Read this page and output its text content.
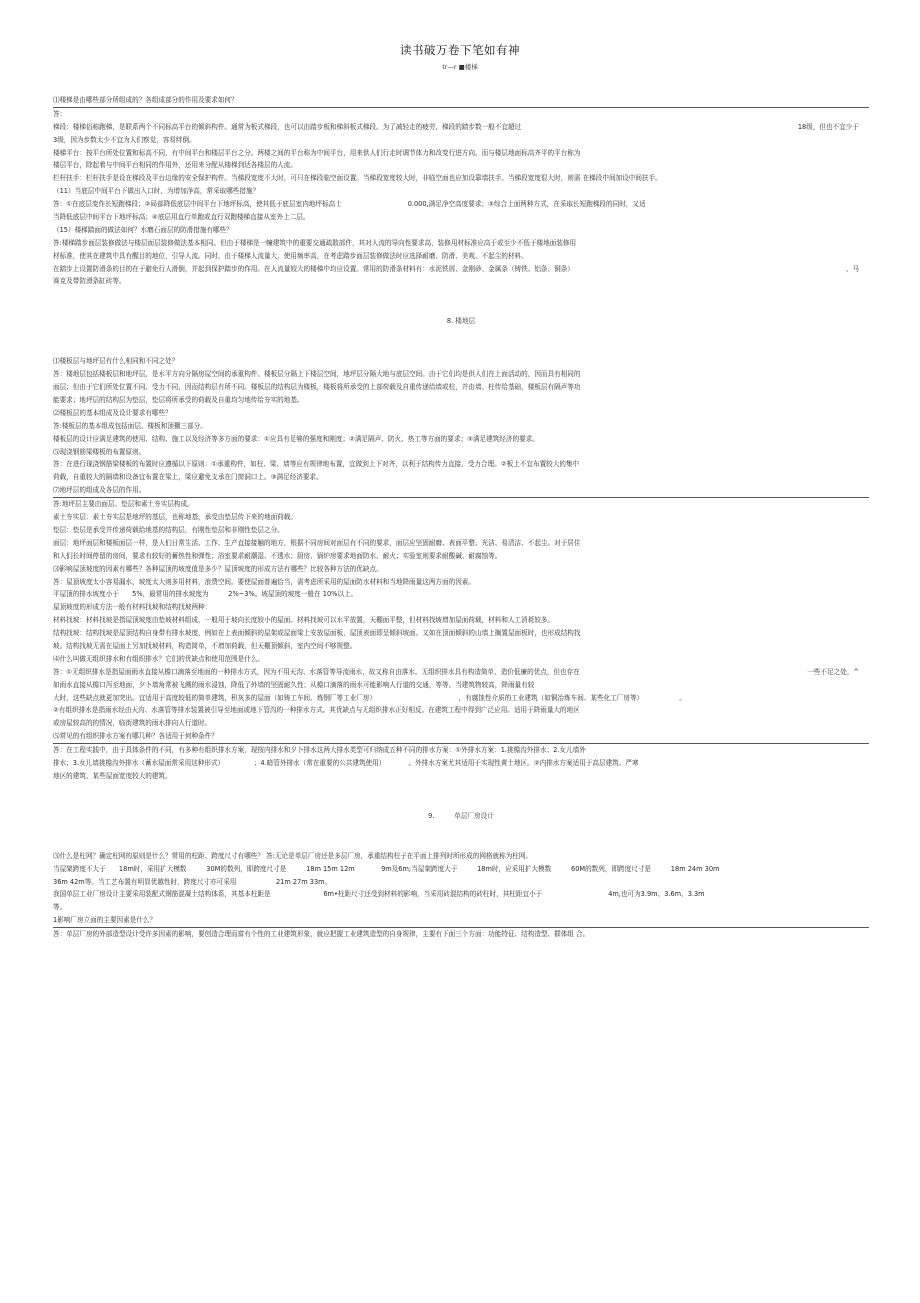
读书破万卷下笔如有神
tr—r ■楼梯
⑴楼梯是由哪些部分所组成的？各组成部分的作用及要求如何？
答：
18级，但也不宜少于
梯段：楼梯俗称跑梯，是联系两个不同标高平台的倾斜构件。通常为板式梯段，也可以由踏步板和梯斜板式梯段。为了减轻走的疲劳，梯段的踏步数一般不宜超过
3级，因为步数太少不宜为人们察觉，容易绊倒。
楼梯平台：按平台所处位置和标高不同，有中间平台和楼层平台之分。两楼之间的平台称为中间平台，用来供人们行走时调节体力和改变行进方向。而与楼层地面标高齐平的平台称为
楼层平台，除起着与中间平台相同的作用外，还用来分配从楼梯到达各楼层的人流。
栏杆扶手：栏杆扶手是设在梯段及平台边缘的安全保护构件。当梯段宽度不大时，可只在梯段临空面设置。当梯段宽度较大时，非临空面也应加设靠墙扶手。当梯段宽度很大时，则需 在梯段中间加设中间扶手。
（11）当底层中间平台下做出入口时，为增加净高，常采取哪些措施？
答：①在底层变作长短跑梯段；②局部降低底层中间平台下地坪标高，使其低于底层室内地坪标高士　　　　　　　　　　0.000,满足净空高度要求；③综合上面两种方式，在采取长短跑梯段的同时，又适
当降低底层中间平台下地坪标高；④底层用直行单跑或直行双跑楼梯直接从室外上二层。
（15）楼梯踏面的做法如何？水磨石面层的防滑措施有哪些？
答:楼梯踏步面层装修做法与楼层面层装修做法基本相同。但由于楼梯是一幢建筑中的重要交通疏散部件，其对人流的导向性要求高，装修用材标准应高于或至少不低于楼地面装修用
材标准，使其在建筑中具有醒目的地位，引导人流。同时，由于楼梯人流量大，使用频率高，在考虑踏步面层装修做法时应选择耐磨、防滑、美观、不起尘的材料。
、马
在踏步上设置防滑条的目的在于避免行人滑倒，并起到保护踏步的作用。在人流量较大的楼梯中均应设置。常用的防滑条材料有：水泥铁屑、金刚砂、金属条（铸铁、铝条、铜条）
赛克及带防滑条缸砖等。
8. 楼地层
⑴楼板层与地坪层有什么相同和不同之处？
答：楼地层包括楼板层和地坪层，是水平方向分隔房屋空间的承重构件。楼板层分隔上下楼层空间，地坪层分隔大地与底层空间。由于它们均是供人们在上面活动的，因而具有相同的
面层；但由于它们所处位置不同、受力不同，因而结构层有所不同。楼板层的结构层为楼板，楼板将所承受的上部荷载及自重传递给墙或柱，并由墙、柱传给基础，楼板层有隔声等功
能要求；地坪层的结构层为垫层，垫层将所承受的荷载及自重均匀地传给夯实的地基。
⑵楼板层的基本组成及设计要求有哪些？
答:楼板层的基本组成包括面层、楼板和顶棚三部分。
楼板层的设计应满足建筑的使用、结构、施工以及经济等多方面的要求：①应具有足够的强度和刚度；②满足隔声、防火、热工等方面的要求；③满足建筑经济的要求。
⑸现浇钢筋梁楼板的布置原则。
答：在进行现浇钢筋梁楼板的布置时应遵循以下原则：①承重构件，如柱、梁、墙等应有规律地布置，宜做到上下对齐，以利于结构传力直接，受力合理。②板上不宜布置较大的集中
荷载，自重较大的隔墙和设备宜布置在梁上，梁应避免支承在门窗洞口上。③满足经济要求。
⑺地坪层的组成及各层的作用。
答:地坪层主要由面层、垫层和素土夯实层构成。
素土夯实层：素土夯实层是地坪的基层，也称地基，承受由垫层传下来的地面荷载。
垫层：垫层是承受并传递荷载给地基的结构层，有刚性垫层和非刚性垫层之分。
面层：地坪面层和楼板面层一样，是人们日常生活、工作、生产直接接触的地方，根据不同房间对面层有不同的要求，面层应坚固耐磨、表面平整、光洁、易清洁、不起尘。对于居住
和人们长时间停留的房间，要求有较好的蓄热性和弹性；浴室要求耐潮湿、不透水；厨房、锅炉房要求地面防水、耐火；实验室则要求耐酸碱、耐腐蚀等。
⑶影响屋顶坡度的因素有哪些？各种屋顶的坡度值是多少？屋顶坡度的形成方法有哪些？比较各种方法的优缺点。
答：屋顶坡度太小容易漏水，坡度太大则多用材料，浪费空间。要使屋面普遍恰当，需考虑所采用的屋面防水材料和当地降雨量这两方面的因素。
平屋顶的排水坡度小于　　5%，最常用的排水坡度为　　　2%~3%。坡屋顶的坡度一般在 10%以上。
屋顶坡度的形成方法一般有材料找坡和结构找坡两种：
材料找坡：材料找坡是指屋顶坡度由垫坡材料组成，一般用于坡向长度较小的屋面。材料找坡可以水平放置，天棚面平整，但材料找坡增加屋面荷载，材料和人工消耗较多。
结构找坡：结构找坡是屋顶结构自身带有排水坡度，例如在上表面倾斜的屋架或屋面梁上安放屋面板，屋顶表面即呈倾斜坡面。又如在顶面倾斜的山墙上搁置屋面板时，也形成结构找
坡。结构找坡无需在屋面上另加找坡材料，构造简单，不增加荷载，但天棚顶倾斜，室内空间不够规整。
⑷什么叫做无组织排水和有组织排水？它们的优缺点和使用范围是什么。
一些不足之处，^
答：①无组织排水是指屋面雨水直接从檐口滴落至地面的一种排水方式，因为不用天沟、水落管等导流雨水，故又称自由落水。无组织排水具有构造简单、造价低廉的优点，但也存在
如雨水直接从檐口泻至地面，夕卜墙角常被飞溅的雨水浸蚀，降低了外墙的坚固耐久性；从檐口滴落的雨水可能影响人行道的交通，等等。当建筑物较高，降雨量有较
大时，这些缺点就更加突出。宜适用于高度较低的简单建筑，积灰多的屋面（如铸工车间、炼钢厂等工业厂房）　　　　　　　　　　　　　，有腐蚀性介质的工业建筑（如铜冶炼车间、某些化工厂房等）　　　　　　。
②有组织排水是指雨水经由天沟、水落管等排水装置被引导至地面或地下管沟的一种排水方式。其优缺点与无组织排水正好相反。在建筑工程中得到广泛应用。适用于降雨量大的地区
或房屋较高的的情况，临街建筑的雨水排向人行道时。
⑸常见的有组织排水方案有哪几种？各适用于何种条件？
答：在工程实践中，由于具体条件的不同，有多种有组织排水方案，现按内排水和夕卜排水这两大排水类型可归纳成五种不同的排水方案：①外排水方案：1.挑檐沟外排水；2.女儿墙外
排水；3.女儿墙挑檐沟外排水（蓄水屋面常采用这种形式）　　　　　；4.暗管外排水（常在重要的公共建筑使用）　　　　。外排水方案尤其适用于实现性黄土地区。②内排水方案适用于高层建筑、严寒
地区的建筑、某些屋面宽度较大的建筑。
9.　　　单层厂房设计
⑶什么是柱网？确定柱网的原则是什么？常用的柱距、跨度尺寸有哪些？ 答:无论是单层厂房还是多层厂房，承重结构柱子在平面上排列时所形成的网格就称为柱网。
当屋架跨度不大于　　18m时，采用扩大模数　　　30M的数列，即跨度尺寸是　　　18m 15m 12m　　　　9m及6m;当屋架跨度大于　　　18m时，应采用扩大模数　　　60M的数列，即跨度尺寸是　　　18m 24m 30m
36m 42m等。当工艺布置有明显优越性时，跨度尺寸亦可采用　　　　　　21m 27m 33m。
我国单层工业厂房设计主要采用装配式钢筋混凝土结构体系，其基本柱距是　　　　　　　　6m•柱距尺寸还受到材料的影响，当采用砖混结构的砖柱时，其柱距宜小于　　　　　　　　　　4m,也可为3.9m、3.6m、3.3m
等。
1影响厂房立面的主要因素是什么？
答：单层厂房的外部造型设计受许多因素的影响，要创造合理而富有个性的工业建筑形象，就应把握工业建筑造型的自身规律，主要有下面三个方面：功能特征、结构造型、群体组 合。
